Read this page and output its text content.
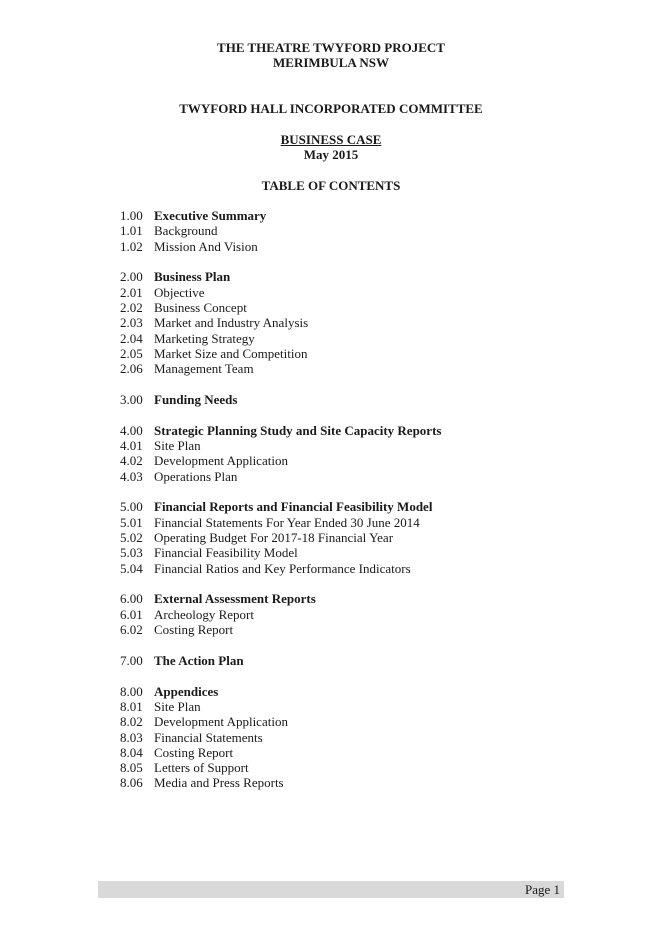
THE THEATRE TWYFORD PROJECT
MERIMBULA NSW
TWYFORD HALL INCORPORATED COMMITTEE
BUSINESS CASE
May 2015
TABLE OF CONTENTS
1.00 Executive Summary
1.01 Background
1.02 Mission And Vision
2.00 Business Plan
2.01 Objective
2.02 Business Concept
2.03 Market and Industry Analysis
2.04 Marketing Strategy
2.05 Market Size and Competition
2.06 Management Team
3.00 Funding Needs
4.00 Strategic Planning Study and Site Capacity Reports
4.01 Site Plan
4.02 Development Application
4.03 Operations Plan
5.00 Financial Reports and Financial Feasibility Model
5.01 Financial Statements For Year Ended 30 June 2014
5.02 Operating Budget For 2017-18 Financial Year
5.03 Financial Feasibility Model
5.04 Financial Ratios and Key Performance Indicators
6.00 External Assessment Reports
6.01 Archeology Report
6.02 Costing Report
7.00 The Action Plan
8.00 Appendices
8.01 Site Plan
8.02 Development Application
8.03 Financial Statements
8.04 Costing Report
8.05 Letters of Support
8.06 Media and Press Reports
Page 1
